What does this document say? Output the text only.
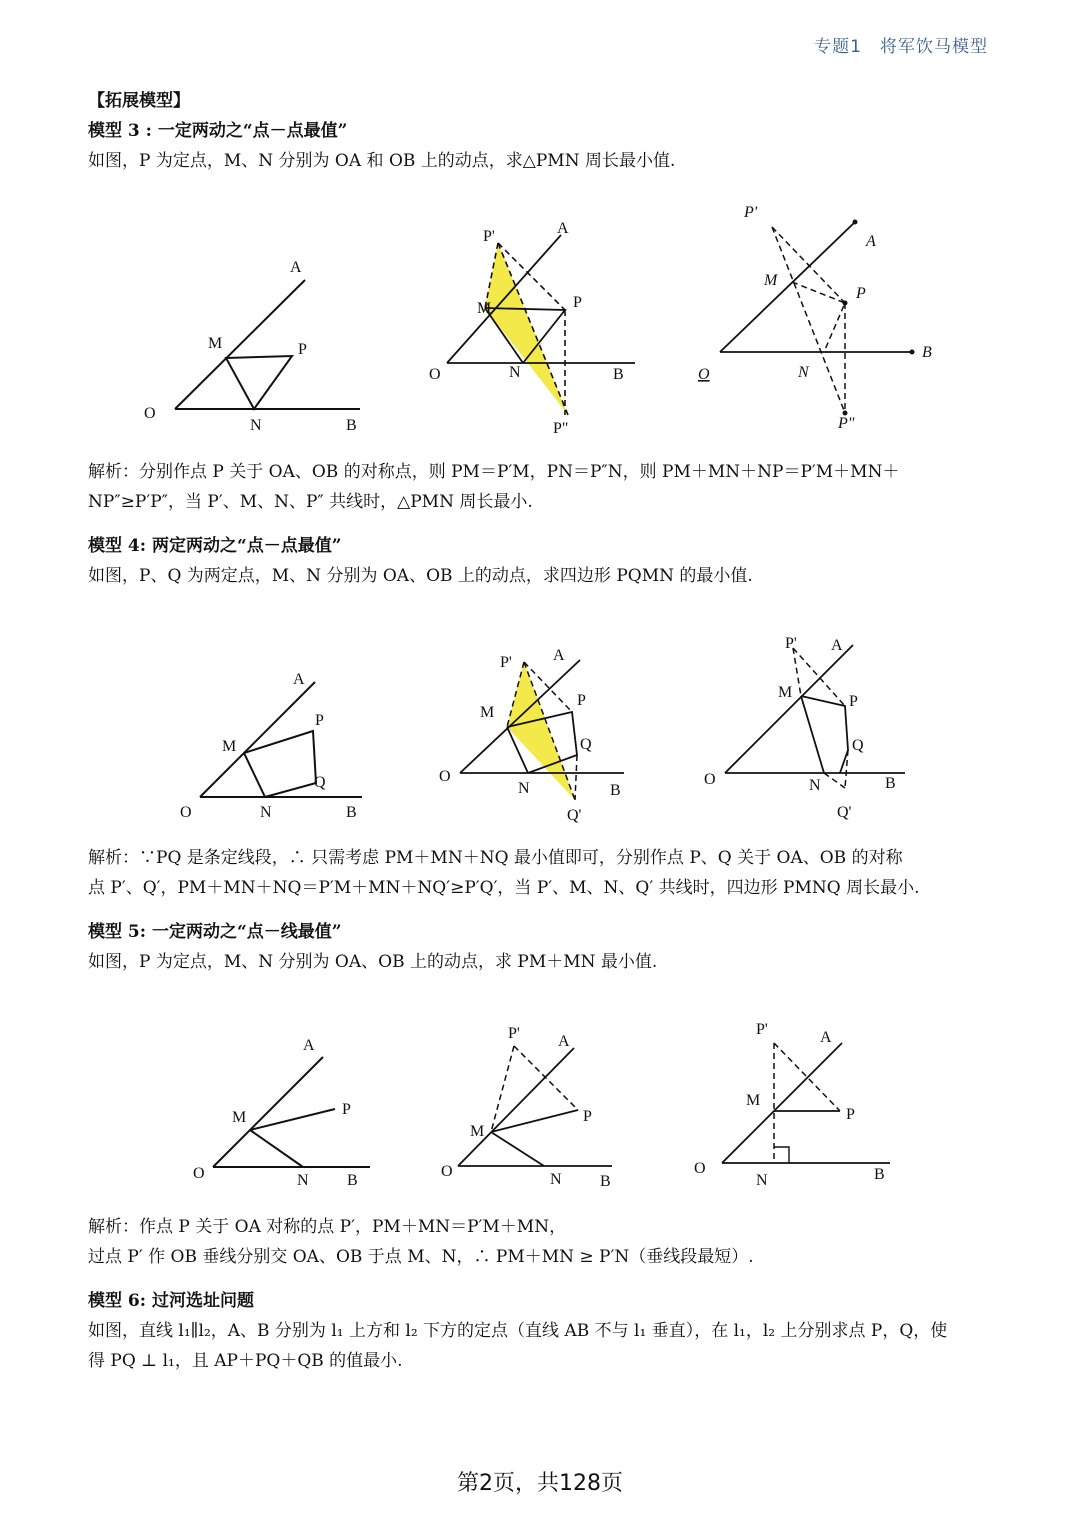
专题1　将军饮马模型

【拓展模型】

模型 3 : 一定两动之“点－点最值”

如图，P 为定点，M、N 分别为 OA 和 OB 上的动点，求△PMN 周长最小值.

O
A
B
M	P
N
P'	A
M	P
O	N	B
P"
P'
A
M
P
O	N
B
P"

解析：分别作点 P 关于 OA、OB 的对称点，则 PM＝P′M，PN＝P″N，则 PM＋MN＋NP＝P′M＋MN＋

NP″≥P′P″，当 P′、M、N、P″ 共线时，△PMN 周长最小.

模型 4: 两定两动之“点－点最值”

如图，P、Q 为两定点，M、N 分别为 OA、OB 上的动点，求四边形 PQMN 的最小值.

A
P
M
Q
O	N	B
P'	A
P
M
Q
O
N	B
Q'
P' A
M
P
Q
O	N	B
Q'

解析：∵PQ 是条定线段，∴ 只需考虑 PM＋MN＋NQ 最小值即可，分别作点 P、Q 关于 OA、OB 的对称

点 P′、Q′，PM＋MN＋NQ＝P′M＋MN＋NQ′≥P′Q′，当 P′、M、N、Q′ 共线时，四边形 PMNQ 周长最小.

模型 5: 一定两动之“点－线最值”

如图，P 为定点，M、N 分别为 OA、OB 上的动点，求 PM＋MN 最小值.

A
P
M
O	N B
P' A
P
M
O	N B
P'	A
M
P
O
N	B

解析：作点 P 关于 OA 对称的点 P′，PM＋MN＝P′M＋MN，

过点 P′ 作 OB 垂线分别交 OA、OB 于点 M、N，∴ PM＋MN ≥ P′N（垂线段最短）.

模型 6: 过河选址问题

如图，直线 l₁∥l₂，A、B 分别为 l₁ 上方和 l₂ 下方的定点（直线 AB 不与 l₁ 垂直），在 l₁，l₂ 上分别求点 P，Q，使

得 PQ ⊥ l₁，且 AP＋PQ＋QB 的值最小.

第2页，共128页
